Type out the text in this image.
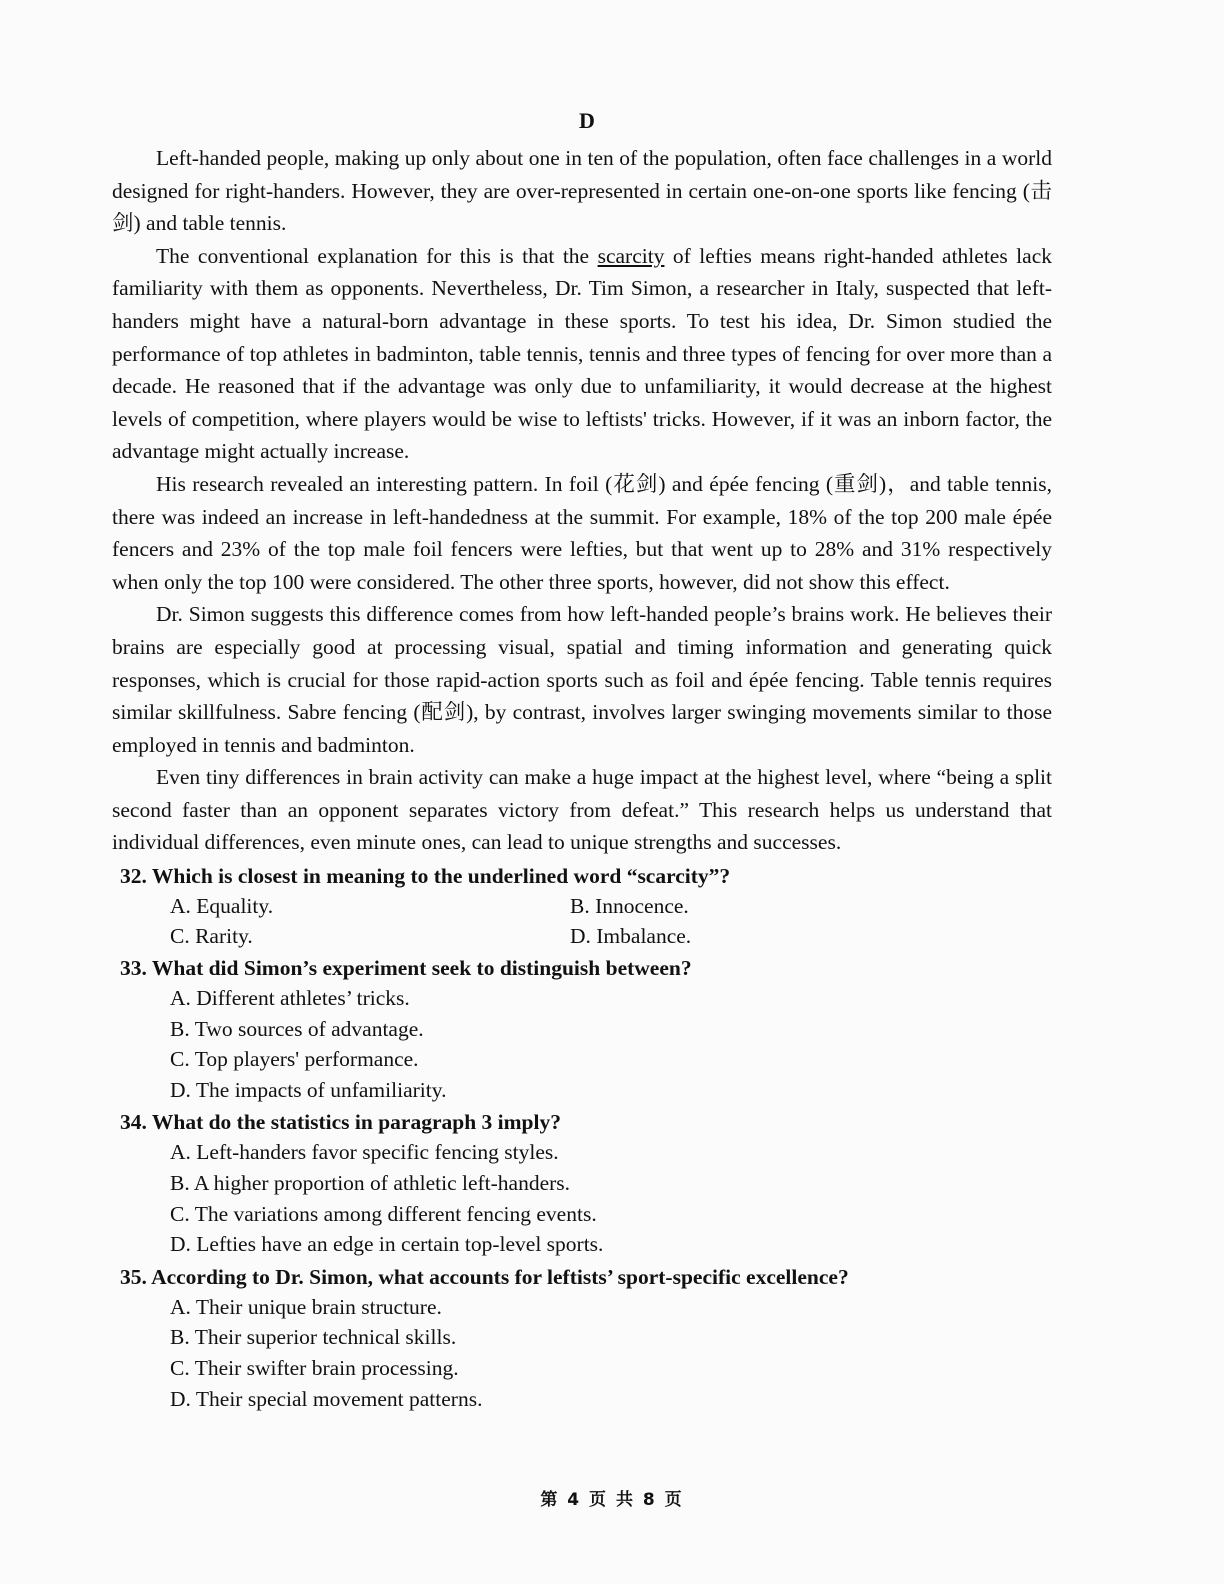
D

Left-handed people, making up only about one in ten of the population, often face challenges in a world designed for right-handers. However, they are over-represented in certain one-on-one sports like fencing (击剑) and table tennis.

The conventional explanation for this is that the scarcity of lefties means right-handed athletes lack familiarity with them as opponents. Nevertheless, Dr. Tim Simon, a researcher in Italy, suspected that left-handers might have a natural-born advantage in these sports. To test his idea, Dr. Simon studied the performance of top athletes in badminton, table tennis, tennis and three types of fencing for over more than a decade. He reasoned that if the advantage was only due to unfamiliarity, it would decrease at the highest levels of competition, where players would be wise to leftists' tricks. However, if it was an inborn factor, the advantage might actually increase.

His research revealed an interesting pattern. In foil (花剑) and épée fencing (重剑)，and table tennis, there was indeed an increase in left-handedness at the summit. For example, 18% of the top 200 male épée fencers and 23% of the top male foil fencers were lefties, but that went up to 28% and 31% respectively when only the top 100 were considered. The other three sports, however, did not show this effect.

Dr. Simon suggests this difference comes from how left-handed people’s brains work. He believes their brains are especially good at processing visual, spatial and timing information and generating quick responses, which is crucial for those rapid-action sports such as foil and épée fencing. Table tennis requires similar skillfulness. Sabre fencing (配剑), by contrast, involves larger swinging movements similar to those employed in tennis and badminton.

Even tiny differences in brain activity can make a huge impact at the highest level, where “being a split second faster than an opponent separates victory from defeat.” This research helps us understand that individual differences, even minute ones, can lead to unique strengths and successes.

32. Which is closest in meaning to the underlined word “scarcity”?
A. Equality.	B. Innocence.
C. Rarity.	D. Imbalance.
33. What did Simon’s experiment seek to distinguish between?
A. Different athletes’ tricks.
B. Two sources of advantage.
C. Top players' performance.
D. The impacts of unfamiliarity.
34. What do the statistics in paragraph 3 imply?
A. Left-handers favor specific fencing styles.
B. A higher proportion of athletic left-handers.
C. The variations among different fencing events.
D. Lefties have an edge in certain top-level sports.
35. According to Dr. Simon, what accounts for leftists’ sport-specific excellence?
A. Their unique brain structure.
B. Their superior technical skills.
C. Their swifter brain processing.
D. Their special movement patterns.
第 4 页 共 8 页
